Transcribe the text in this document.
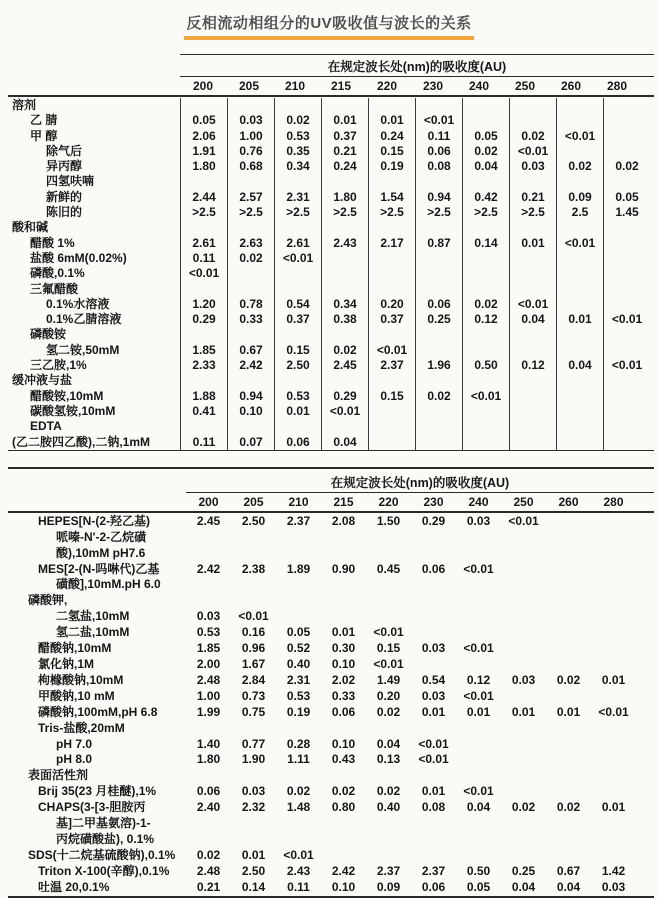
反相流动相组分的UV吸收值与波长的关系
在规定波长处(nm)的吸收度(AU)
200	205	210	215	220	230	240	250	260	280
溶剂
乙 腈	0.05	0.03	0.02	0.01	0.01	<0.01
甲 醇	2.06	1.00	0.53	0.37	0.24	0.11	0.05	0.02	<0.01
除气后	1.91	0.76	0.35	0.21	0.15	0.06	0.02	<0.01
异丙醇	1.80	0.68	0.34	0.24	0.19	0.08	0.04	0.03	0.02	0.02
四氢呋喃
新鲜的	2.44	2.57	2.31	1.80	1.54	0.94	0.42	0.21	0.09	0.05
陈旧的	>2.5	>2.5	>2.5	>2.5	>2.5	>2.5	>2.5	>2.5	2.5	1.45
酸和碱
醋酸 1%	2.61	2.63	2.61	2.43	2.17	0.87	0.14	0.01	<0.01
盐酸 6mM(0.02%)	0.11	0.02	<0.01
磷酸,0.1%	<0.01
三氟醋酸
0.1%水溶液	1.20	0.78	0.54	0.34	0.20	0.06	0.02	<0.01
0.1%乙腈溶液	0.29	0.33	0.37	0.38	0.37	0.25	0.12	0.04	0.01	<0.01
磷酸铵
氢二铵,50mM	1.85	0.67	0.15	0.02	<0.01
三乙胺,1%	2.33	2.42	2.50	2.45	2.37	1.96	0.50	0.12	0.04	<0.01
缓冲液与盐
醋酸铵,10mM	1.88	0.94	0.53	0.29	0.15	0.02	<0.01
碳酸氢铵,10mM	0.41	0.10	0.01	<0.01
EDTA
(乙二胺四乙酸),二钠,1mM	0.11	0.07	0.06	0.04
在规定波长处(nm)的吸收度(AU)
200	205	210	215	220	230	240	250	260	280
HEPES[N-(2-羟乙基)
哌嗪-N'-2-乙烷磺
酸),10mM pH7.6
2.45	2.50	2.37	2.08	1.50	0.29	0.03	<0.01
MES[2-(N-吗啉代)乙基
磺酸],10mM.pH 6.0
2.42	2.38	1.89	0.90	0.45	0.06	<0.01
磷酸钾,
二氢盐,10mM	0.03	<0.01
氢二盐,10mM	0.53	0.16	0.05	0.01	<0.01
醋酸钠,10mM	1.85	0.96	0.52	0.30	0.15	0.03	<0.01
氯化钠,1M	2.00	1.67	0.40	0.10	<0.01
枸橼酸钠,10mM	2.48	2.84	2.31	2.02	1.49	0.54	0.12	0.03	0.02	0.01
甲酸钠,10 mM	1.00	0.73	0.53	0.33	0.20	0.03	<0.01
磷酸钠,100mM,pH 6.8	1.99	0.75	0.19	0.06	0.02	0.01	0.01	0.01	0.01	<0.01
Tris-盐酸,20mM
pH 7.0	1.40	0.77	0.28	0.10	0.04	<0.01
pH 8.0	1.80	1.90	1.11	0.43	0.13	<0.01
表面活性剂
Brij 35(23 月桂醚),1%	0.06	0.03	0.02	0.02	0.02	0.01	<0.01
CHAPS(3-[3-胆胺丙
基]二甲基氨溶)-1-
丙烷磺酸盐), 0.1%
2.40	2.32	1.48	0.80	0.40	0.08	0.04	0.02	0.02	0.01
SDS(十二烷基硫酸钠),0.1%	0.02	0.01	<0.01
Triton X-100(辛醇),0.1%	2.48	2.50	2.43	2.42	2.37	2.37	0.50	0.25	0.67	1.42
吐温 20,0.1%	0.21	0.14	0.11	0.10	0.09	0.06	0.05	0.04	0.04	0.03
